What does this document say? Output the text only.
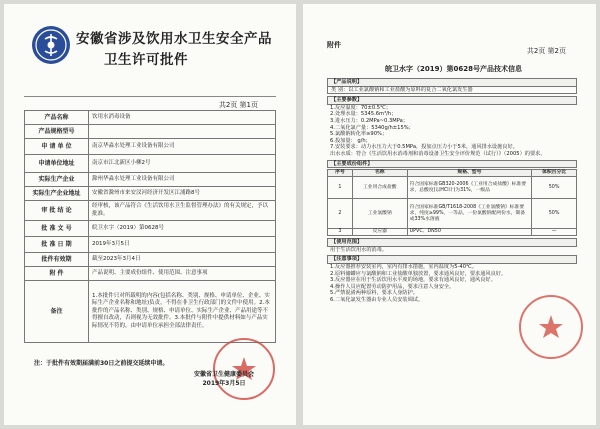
安徽省涉及饮用水卫生安全产品
卫生许可批件
共2页 第1页
产品名称	饮用水消毒设备
产品规格型号	
申 请 单 位	南京华淼水处理工业设备有限公司
申请单位地址	南京市江北新区小柳2号
实际生产企业	滁州华淼水处理工业设备有限公司
实际生产企业地址	安徽省滁州市来安汊河经济开发区江浦路8号
审 批 结 论	经审核，该产品符合《生活饮用水卫生监督管理办法》的有关规定，予以批准。
批 准 文 号	皖卫水字（2019）第0628号
批 准 日 期	2019年3月5日
批件有效期	截至2023年3月4日
附 件	产品说明、主要成份组件、使用范围、注意事项
备注	1.本批件只对所载明的内容(包括名称、类别、规格、申请单位、企业、实际生产企业名称和地址)负责，不得在非卫生行政部门的文件中使用。2.本批件的产品名称、类别、规格、申请单位、实际生产企业、产品用途等不得擅自改动，否则视为无效批件。3.本批件与附件中提供材料如与产品实际情况不符的，由申请单位承担全部法律责任。
注：于批件有效期届满前30日之前提交延续申请。
安徽省卫生健康委员会
2019年3月5日
附件
共2页 第2页
皖卫水字（2019）第0628号产品技术信息
【产品说明】
类 别：以工业氯酸钠和工业盐酸为原料的复合二氧化氯发生器
【主要参数】
1.反应温度：70±0.5℃；
2.处理水量：5345.6m³/h；
3.进水压力：0.2MPa~0.3MPa；
4.二氧化氯产量：5340g/h±15%；
5.氯酸钠转化率≥90%；
6.投加量： g/h；
7.安装要求：动力水压力大于0.5MPa，投加点压力小于5米，通风排水设施良好。
出水水质：符合《生活饮用水消毒剂和消毒设备卫生安全评价规范（试行）》（2005）的要求。
【主要成份组件】
序号	名称	规格、型号	体积百分比
1	工业用合成盐酸	符合国家标准GB320-2006《工业用合成盐酸》标准要求，总酸度(以HCl计)为31%，一级品	50%
2	工业氯酸钠	符合国家标准GB/T1618-2008《工业氯酸钠》标准要求，纯度≥99%，一等品，一份氯酸钠配两份水，制备成33%水溶液	50%
3	反应器	UPVC、DN50	—
【使用范围】
用于生活饮用水的消毒。
【注意事项】
1.反应器推荐安装室内，室内有排水措施，室内温度为5-40℃。
2.原料储罐应与氯酸钠和工业盐酸单独放置，要求通风良好，要求通风良好。
3.反应器应在用于生活饮用水平度的场地，要求有通风良好，通风良好。
4.操作人员应配置劳动防护用品，要求注意人身安全。
5.严禁混淆两种原料，要求人身防护。
6.二氧化氯发生器由专业人员安装调试。
